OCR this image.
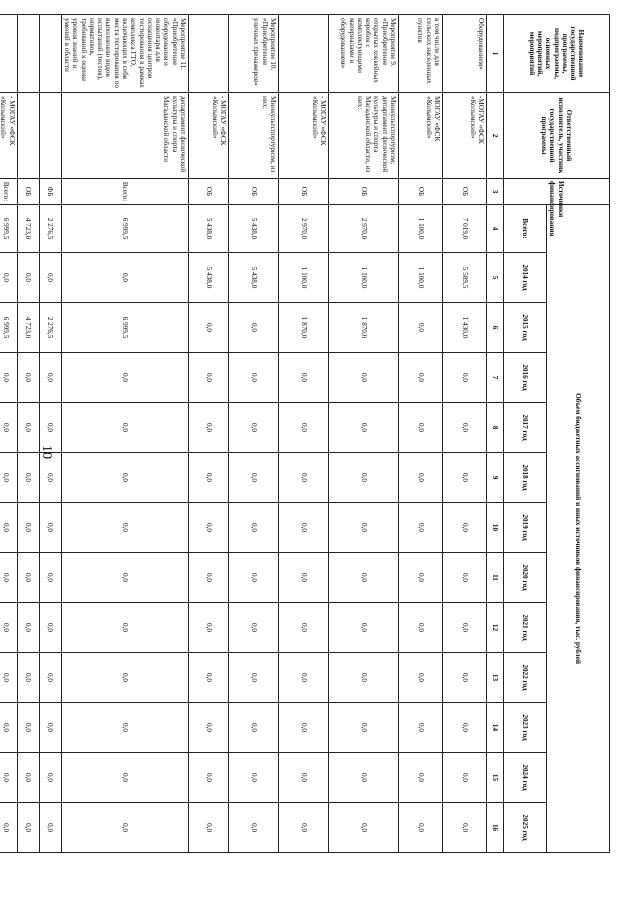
10
Наименование государственной программы, подпрограммы, основных мероприятий, мероприятий	Ответственный исполнитель, участник государственной программы	Источники финансирования	Объем бюджетных ассигнований и иных источников финансирования, тыс. рублей												
			Всего:	2014 год	2015 год	2016 год	2017 год	2018 год	2019 год	2020 год	2021 год	2022 год	2023 год	2024 год	2025 год
1	2	3	4	5	6	7	8	9	10	11	12	13	14	15	16
Оборудованием»	-МОГАУ «ФСК «Колымский»	ОБ	7 019,0	5 589,5	1 430,0	0,0	0,0	0,0	0,0	0,0	0,0	0,0	0,0	0,0	0,0
в том числе для сельских населенных пунктов	МОГАУ «ФСК «Колымский»	ОБ	1 100,0	1 100,0	0,0	0,0	0,0	0,0	0,0	0,0	0,0	0,0	0,0	0,0	0,0
Мероприятие 9. «Приобретение открытых хоккейных коробок с комплектующими материалами и оборудованием»	Минкультспортуризм; департамент физической культуры и спорта Магаданской области, из них:	ОБ	2 970,0	1 100,0	1 870,0	0,0	0,0	0,0	0,0	0,0	0,0	0,0	0,0	0,0	0,0
	- МОГАУ «ФСК «Колымский»	ОБ	2 970,0	1 100,0	1 870,0	0,0	0,0	0,0	0,0	0,0	0,0	0,0	0,0	0,0	0,0
Мероприятие 10. «Приобретение уличных тренажеров»	Минкультспортуризм, из них:	ОБ	5 438,0	5 438,0	0,0	0,0	0,0	0,0	0,0	0,0	0,0	0,0	0,0	0,0	0,0
	- МОГАУ «ФСК «Колымский»	ОБ	5 438,0	5 438,0	0,0	0,0	0,0	0,0	0,0	0,0	0,0	0,0	0,0	0,0	0,0
Мероприятие 11. «Приобретение оборудования и инвентаря для оснащения центров тестирования в рамках комплекса ГТО, включающих в себя места тестирования по выполнению видов испытаний (тестов), нормативов, требований к оценке уровня знаний и умений в области	департамент физической культуры и спорта Магаданской области	Всего:	6 999,5	0,0	6 999,5	0,0	0,0	0,0	0,0	0,0	0,0	0,0	0,0	0,0	0,0
		ФБ	2 276,5	0,0	2 276,5	0,0	0,0	0,0	0,0	0,0	0,0	0,0	0,0	0,0	0,0
		ОБ	4 723,0	0,0	4 723,0	0,0	0,0	0,0	0,0	0,0	0,0	0,0	0,0	0,0	0,0
	- МОГАУ «ФСК «Колымский»	Всего:	6 999,5	0,0	6 999,5	0,0	0,0	0,0	0,0	0,0	0,0	0,0	0,0	0,0	0,0
